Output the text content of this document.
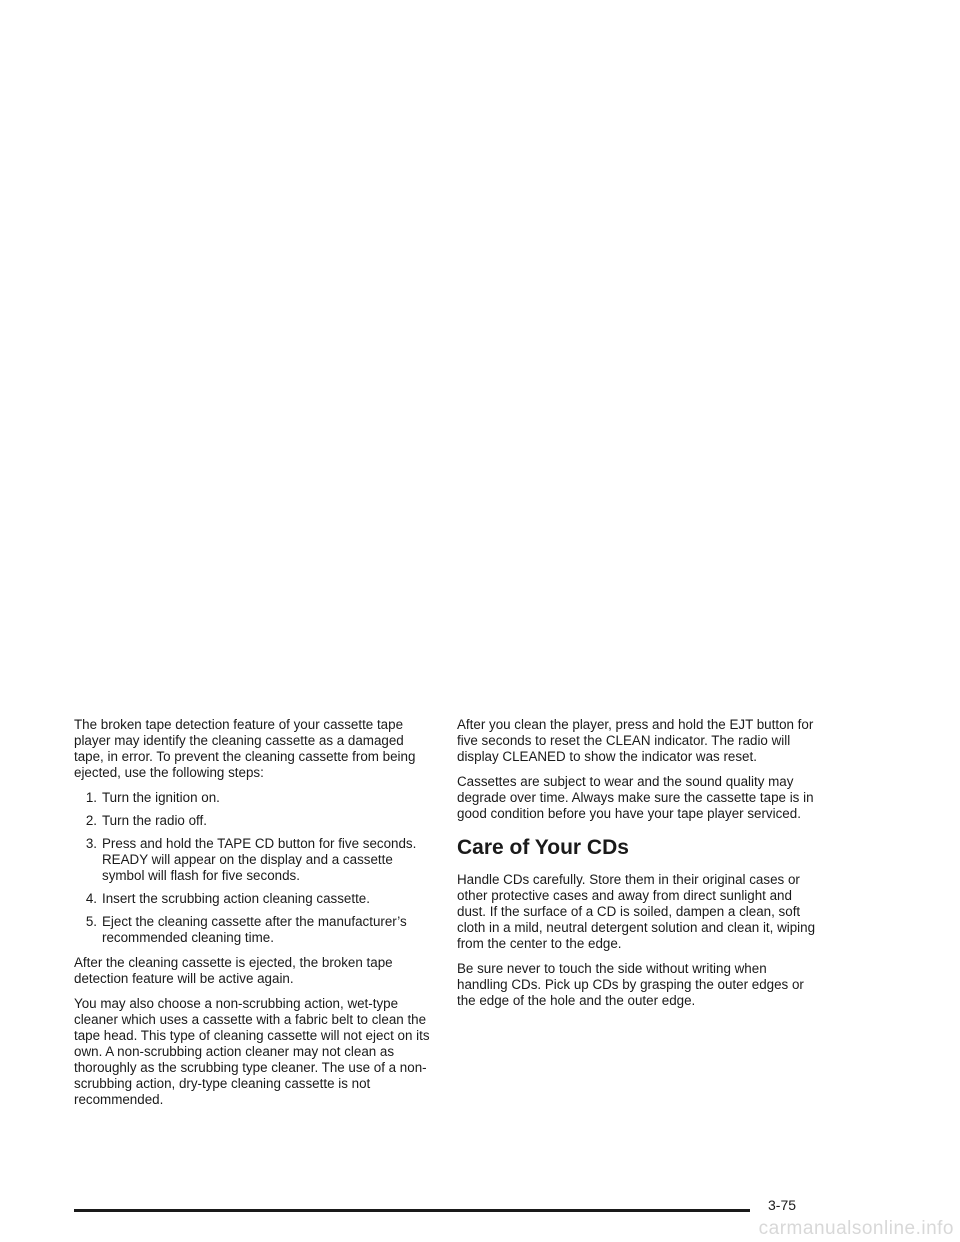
The broken tape detection feature of your cassette tape player may identify the cleaning cassette as a damaged tape, in error. To prevent the cleaning cassette from being ejected, use the following steps:

1. Turn the ignition on.
2. Turn the radio off.
3. Press and hold the TAPE CD button for five seconds. READY will appear on the display and a cassette symbol will flash for five seconds.
4. Insert the scrubbing action cleaning cassette.
5. Eject the cleaning cassette after the manufacturer’s recommended cleaning time.

After the cleaning cassette is ejected, the broken tape detection feature will be active again.

You may also choose a non-scrubbing action, wet-type cleaner which uses a cassette with a fabric belt to clean the tape head. This type of cleaning cassette will not eject on its own. A non-scrubbing action cleaner may not clean as thoroughly as the scrubbing type cleaner. The use of a non-scrubbing action, dry-type cleaning cassette is not recommended.

After you clean the player, press and hold the EJT button for five seconds to reset the CLEAN indicator. The radio will display CLEANED to show the indicator was reset.

Cassettes are subject to wear and the sound quality may degrade over time. Always make sure the cassette tape is in good condition before you have your tape player serviced.

Care of Your CDs

Handle CDs carefully. Store them in their original cases or other protective cases and away from direct sunlight and dust. If the surface of a CD is soiled, dampen a clean, soft cloth in a mild, neutral detergent solution and clean it, wiping from the center to the edge.

Be sure never to touch the side without writing when handling CDs. Pick up CDs by grasping the outer edges or the edge of the hole and the outer edge.

3-75
carmanualsonline.info
